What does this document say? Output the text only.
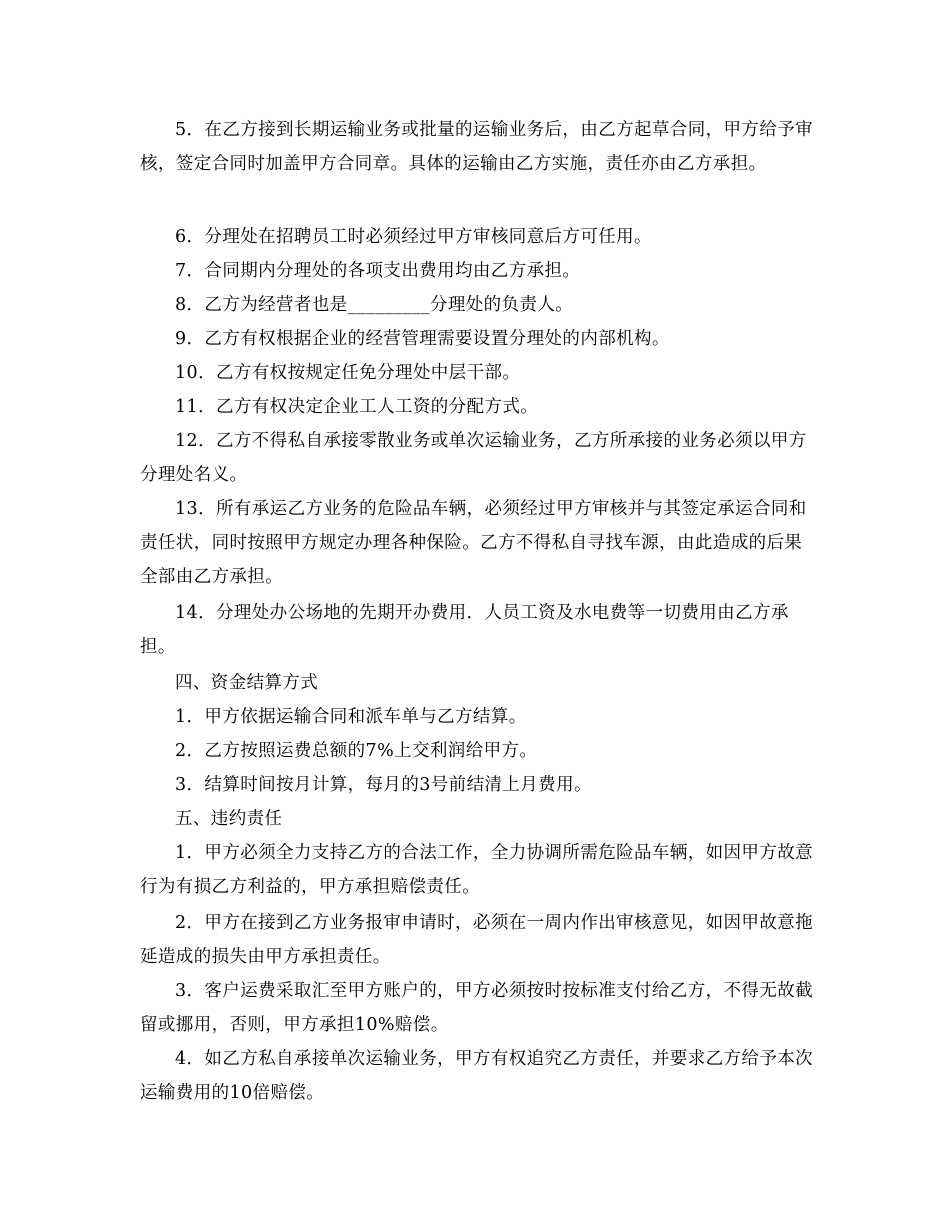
5．在乙方接到长期运输业务或批量的运输业务后，由乙方起草合同，甲方给予审核，签定合同时加盖甲方合同章。具体的运输由乙方实施，责任亦由乙方承担。

6．分理处在招聘员工时必须经过甲方审核同意后方可任用。

7．合同期内分理处的各项支出费用均由乙方承担。

8．乙方为经营者也是_________分理处的负责人。

9．乙方有权根据企业的经营管理需要设置分理处的内部机构。

10．乙方有权按规定任免分理处中层干部。

11．乙方有权决定企业工人工资的分配方式。

12．乙方不得私自承接零散业务或单次运输业务，乙方所承接的业务必须以甲方分理处名义。

13．所有承运乙方业务的危险品车辆，必须经过甲方审核并与其签定承运合同和责任状，同时按照甲方规定办理各种保险。乙方不得私自寻找车源，由此造成的后果全部由乙方承担。

14．分理处办公场地的先期开办费用．人员工资及水电费等一切费用由乙方承担。

四、资金结算方式

1．甲方依据运输合同和派车单与乙方结算。

2．乙方按照运费总额的7%上交利润给甲方。

3．结算时间按月计算，每月的3号前结清上月费用。

五、违约责任

1．甲方必须全力支持乙方的合法工作，全力协调所需危险品车辆，如因甲方故意行为有损乙方利益的，甲方承担赔偿责任。

2．甲方在接到乙方业务报审申请时，必须在一周内作出审核意见，如因甲故意拖延造成的损失由甲方承担责任。

3．客户运费采取汇至甲方账户的，甲方必须按时按标准支付给乙方，不得无故截留或挪用，否则，甲方承担10%赔偿。

4．如乙方私自承接单次运输业务，甲方有权追究乙方责任，并要求乙方给予本次运输费用的10倍赔偿。
